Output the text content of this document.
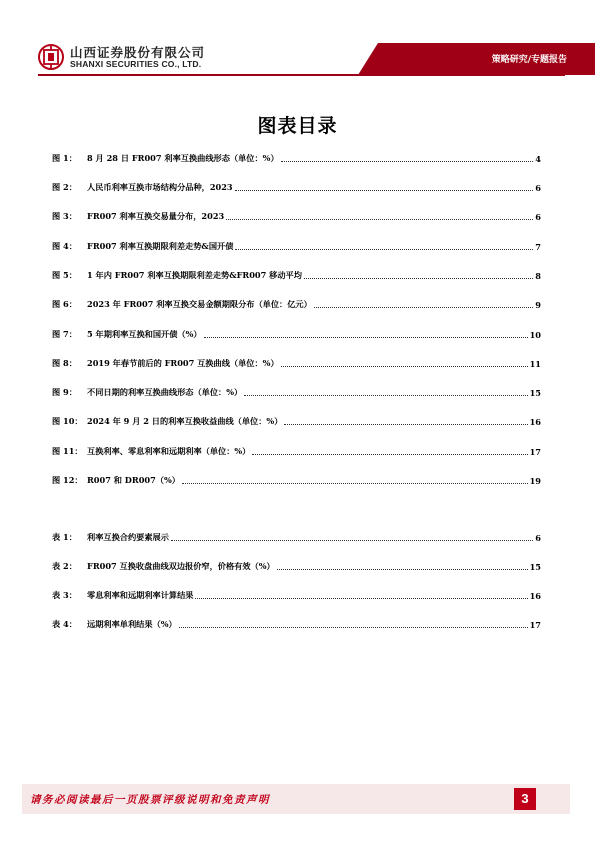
山西证券股份有限公司
SHANXI SECURITIES CO., LTD.	策略研究/专题报告
图表目录
图 1：	8 月 28 日 FR007 利率互换曲线形态（单位：%）	4
图 2：	人民币利率互换市场结构分品种，2023	6
图 3：	FR007 利率互换交易量分布，2023	6
图 4：	FR007 利率互换期限利差走势&国开债	7
图 5：	1 年内 FR007 利率互换期限利差走势&FR007 移动平均	8
图 6：	2023 年 FR007 利率互换交易金额期限分布（单位：亿元）	9
图 7：	5 年期利率互换和国开债（%）	10
图 8：	2019 年春节前后的 FR007 互换曲线（单位：%）	11
图 9：	不同日期的利率互换曲线形态（单位：%）	15
图 10： 2024 年 9 月 2 日的利率互换收益曲线（单位：%）	16
图 11： 互换利率、零息利率和远期利率（单位：%）	17
图 12： R007 和 DR007（%）	19
表 1：	利率互换合约要素展示	6
表 2：	FR007 互换收盘曲线双边报价窄，价格有效（%）	15
表 3：	零息利率和远期利率计算结果	16
表 4：	远期利率单利结果（%）	17
请务必阅读最后一页股票评级说明和免责声明	3
